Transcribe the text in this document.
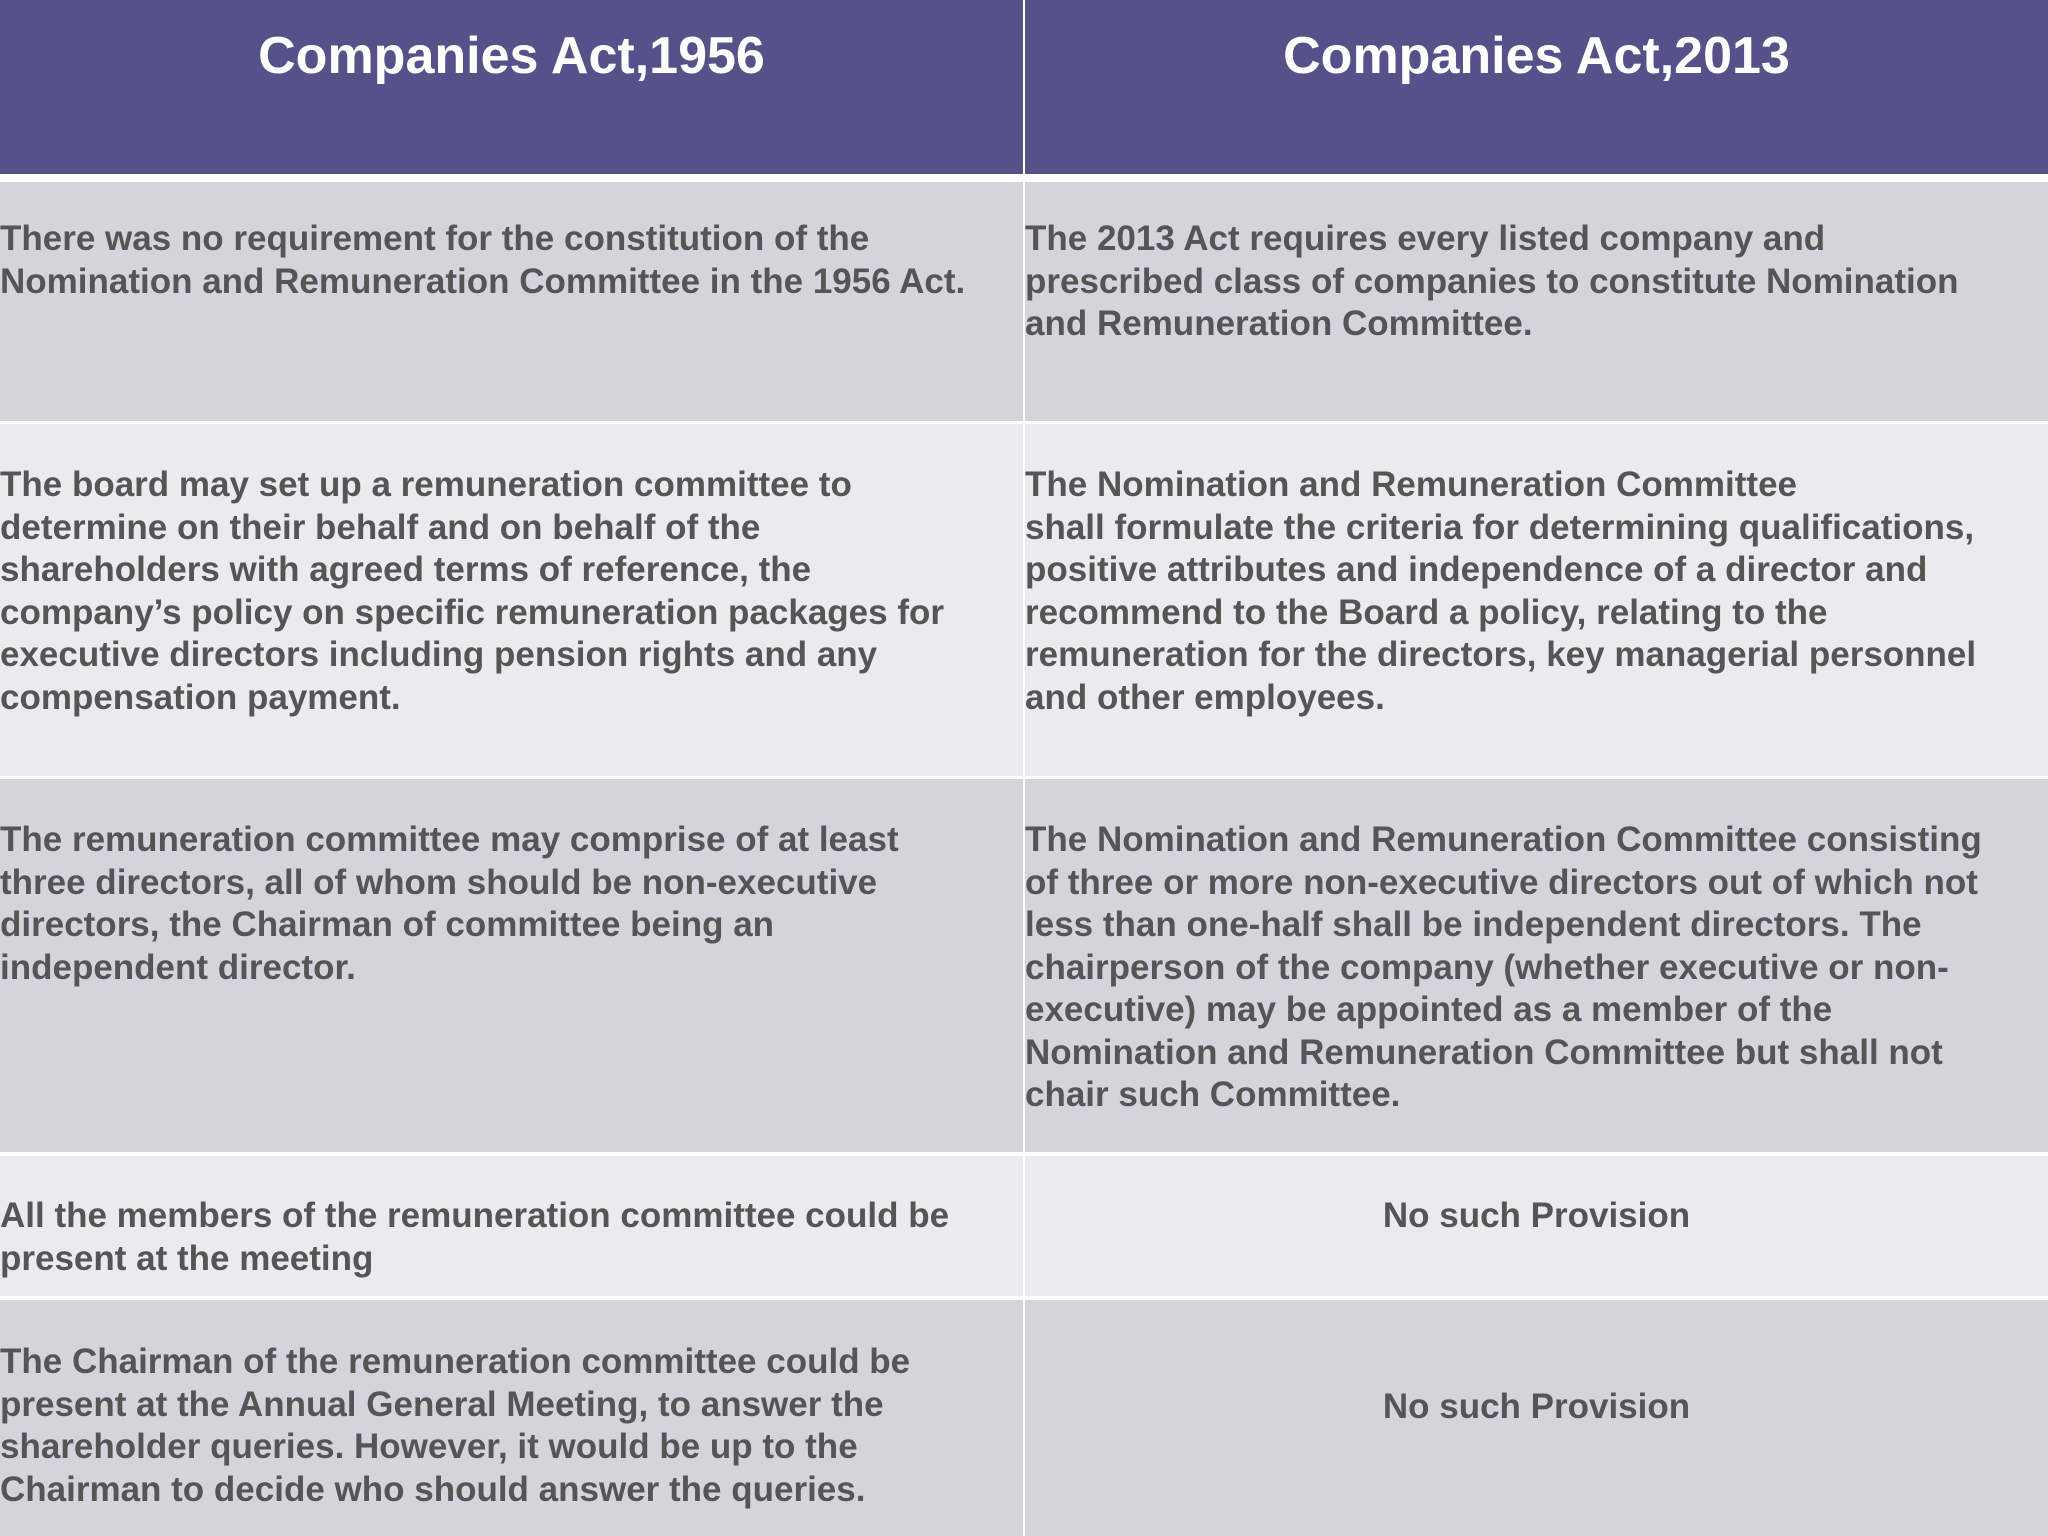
Companies Act,1956	Companies Act,2013
There was no requirement for the constitution of the
Nomination and Remuneration Committee in the 1956 Act.
The 2013 Act requires every listed company and
prescribed class of companies to constitute Nomination
and Remuneration Committee.
The board may set up a remuneration committee to
determine on their behalf and on behalf of the
shareholders with agreed terms of reference, the
company’s policy on specific remuneration packages for
executive directors including pension rights and any
compensation payment.
The Nomination and Remuneration Committee
shall formulate the criteria for determining qualifications,
positive attributes and independence of a director and
recommend to the Board a policy, relating to the
remuneration for the directors, key managerial personnel
and other employees.
The remuneration committee may comprise of at least
three directors, all of whom should be non-executive
directors, the Chairman of committee being an
independent director.
The Nomination and Remuneration Committee consisting
of three or more non-executive directors out of which not
less than one-half shall be independent directors. The
chairperson of the company (whether executive or non-
executive) may be appointed as a member of the
Nomination and Remuneration Committee but shall not
chair such Committee.
All the members of the remuneration committee could be
present at the meeting
No such Provision
The Chairman of the remuneration committee could be
present at the Annual General Meeting, to answer the
shareholder queries. However, it would be up to the
Chairman to decide who should answer the queries.
No such Provision
